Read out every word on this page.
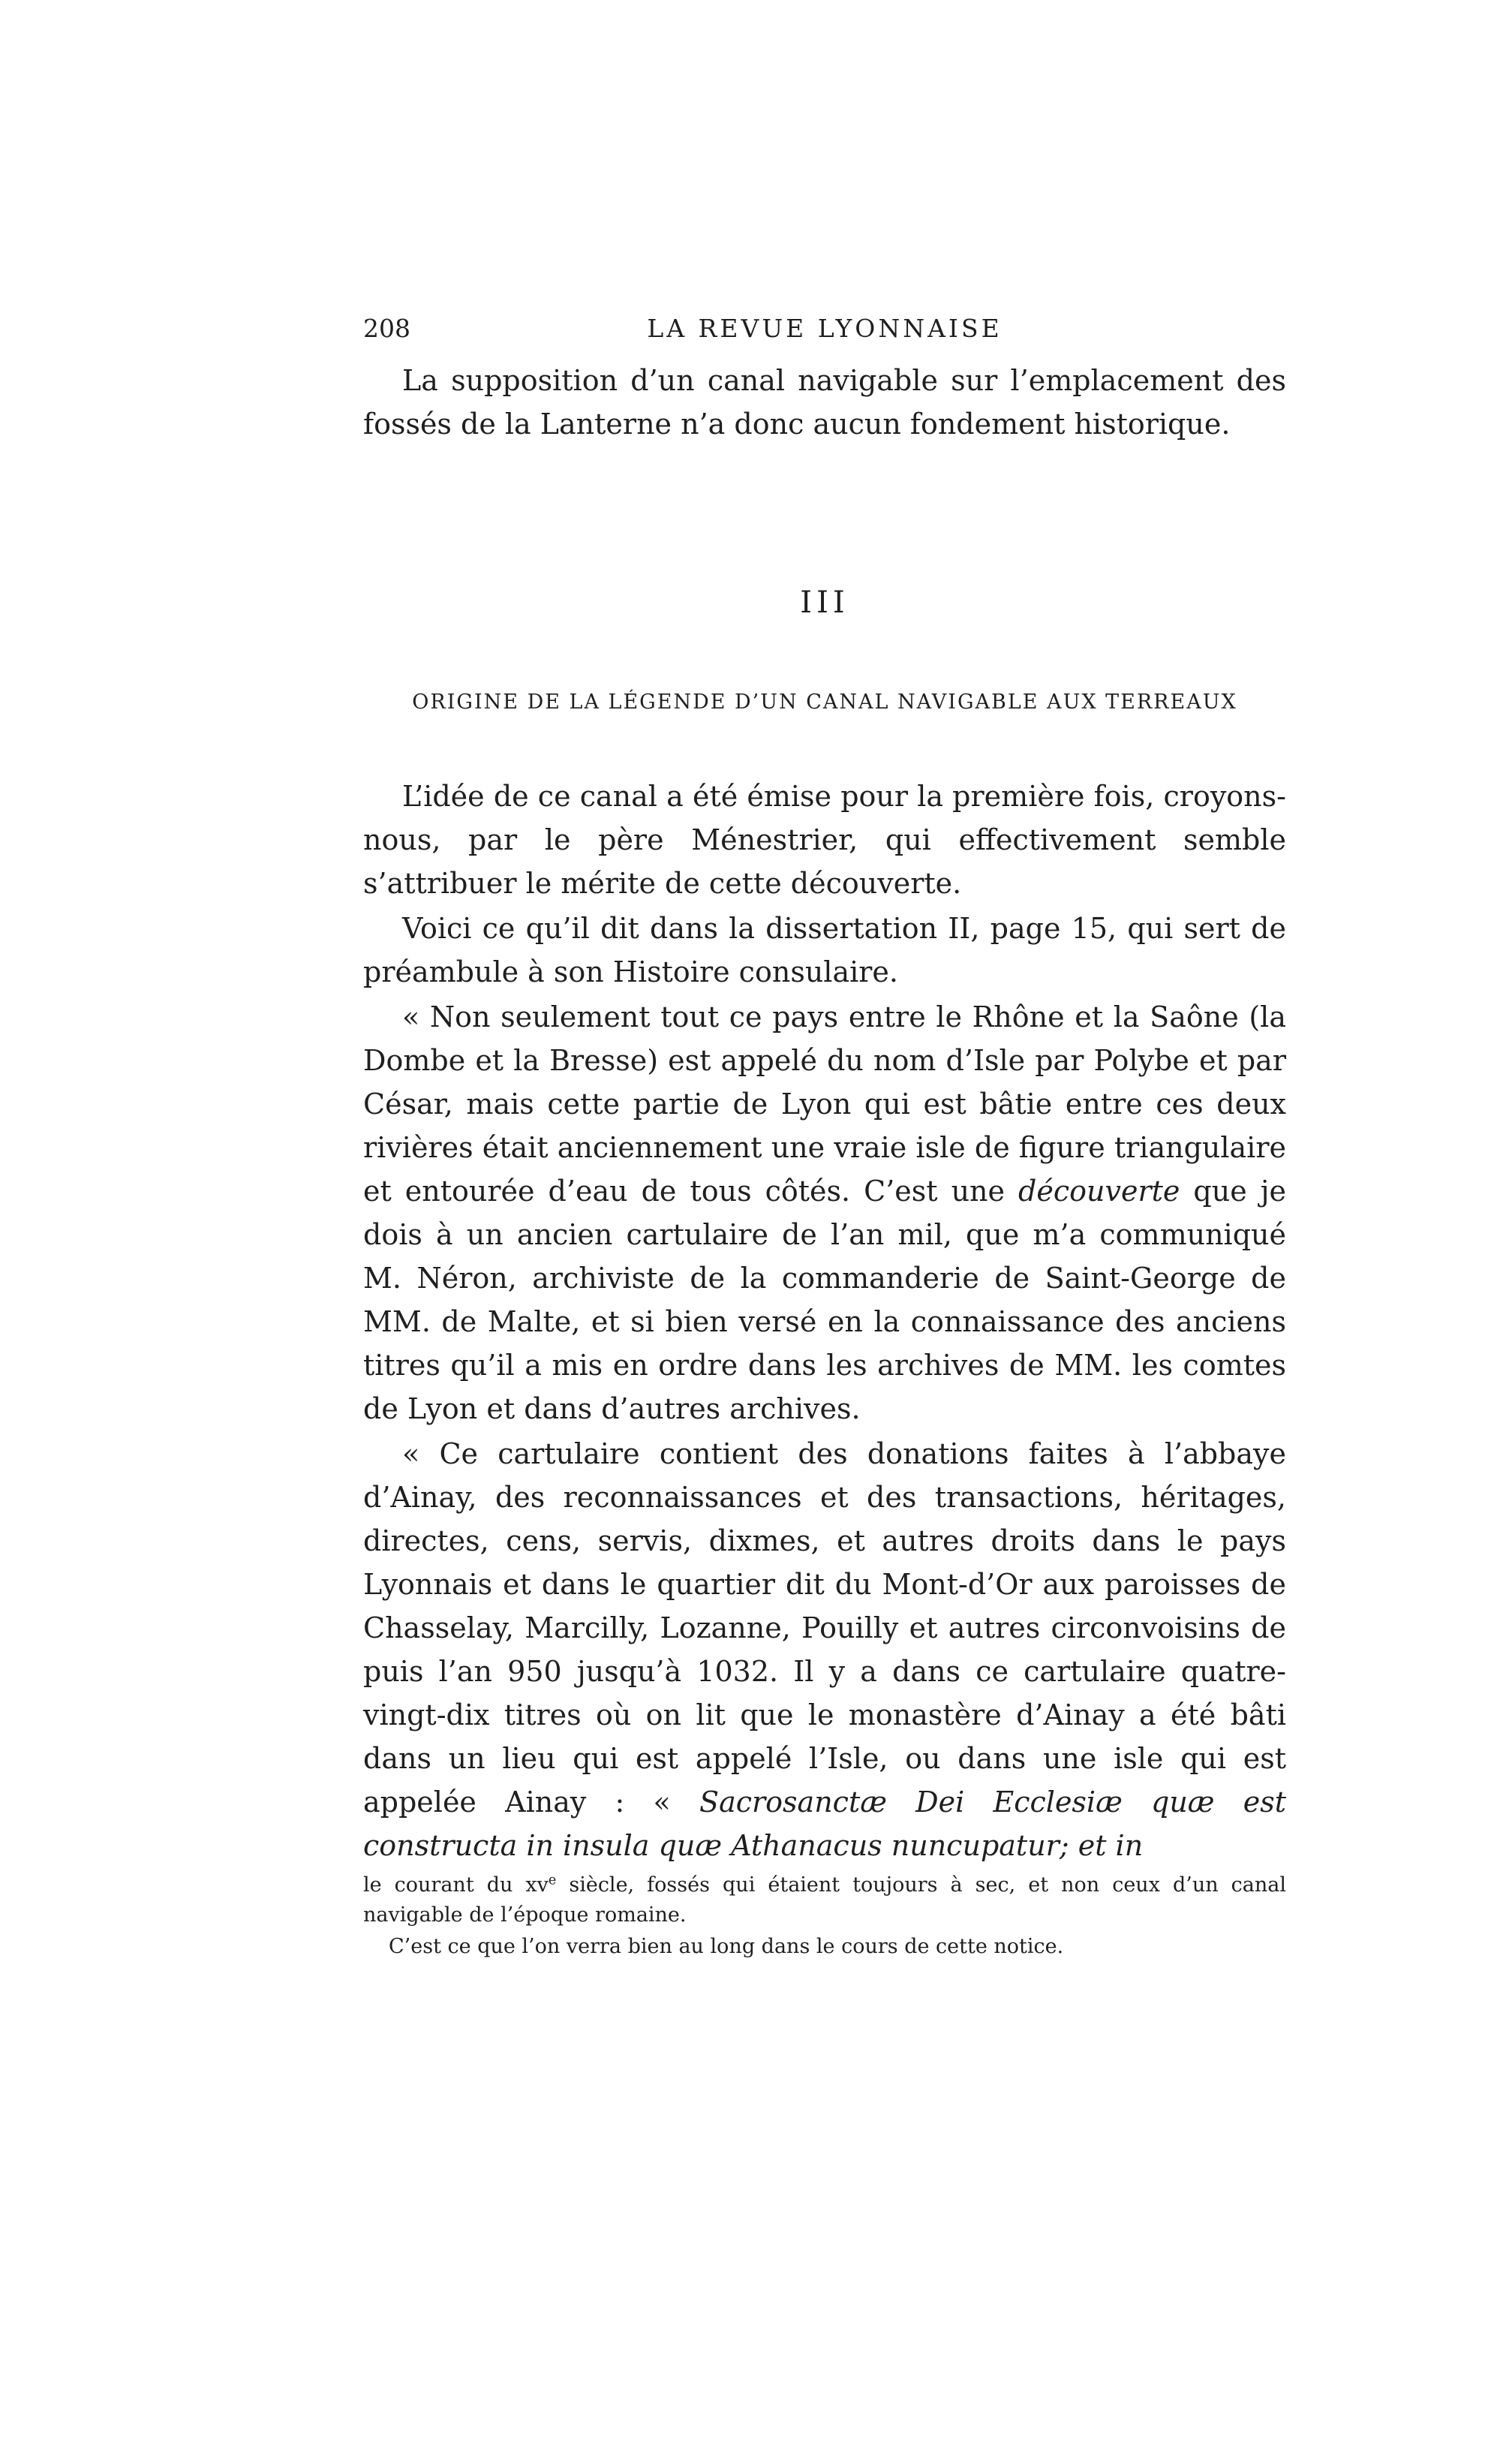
208	LA REVUE LYONNAISE

La supposition d’un canal navigable sur l’emplacement des fossés de la Lanterne n’a donc aucun fondement historique.

III
ORIGINE DE LA LÉGENDE D’UN CANAL NAVIGABLE AUX TERREAUX

L’idée de ce canal a été émise pour la première fois, croyons-nous, par le père Ménestrier, qui effectivement semble s’attribuer le mérite de cette découverte.

Voici ce qu’il dit dans la dissertation II, page 15, qui sert de préambule à son Histoire consulaire.

« Non seulement tout ce pays entre le Rhône et la Saône (la Dombe et la Bresse) est appelé du nom d’Isle par Polybe et par César, mais cette partie de Lyon qui est bâtie entre ces deux rivières était anciennement une vraie isle de figure triangulaire et entourée d’eau de tous côtés. C’est une découverte que je dois à un ancien cartulaire de l’an mil, que m’a communiqué M. Néron, archiviste de la commanderie de Saint-George de MM. de Malte, et si bien versé en la connaissance des anciens titres qu’il a mis en ordre dans les archives de MM. les comtes de Lyon et dans d’autres archives.

« Ce cartulaire contient des donations faites à l’abbaye d’Ainay, des reconnaissances et des transactions, héritages, directes, cens, servis, dixmes, et autres droits dans le pays Lyonnais et dans le quartier dit du Mont-d’Or aux paroisses de Chasselay, Marcilly, Lozanne, Pouilly et autres circonvoisins de puis l’an 950 jusqu’à 1032. Il y a dans ce cartulaire quatre-vingt-dix titres où on lit que le monastère d’Ainay a été bâti dans un lieu qui est appelé l’Isle, ou dans une isle qui est appelée Ainay : « Sacrosanctæ Dei Ecclesiæ quæ est constructa in insula quæ Athanacus nuncupatur; et in

le courant du $xv^e$ siècle, fossés qui étaient toujours à sec, et non ceux d’un canal navigable de l’époque romaine.

C’est ce que l’on verra bien au long dans le cours de cette notice.
